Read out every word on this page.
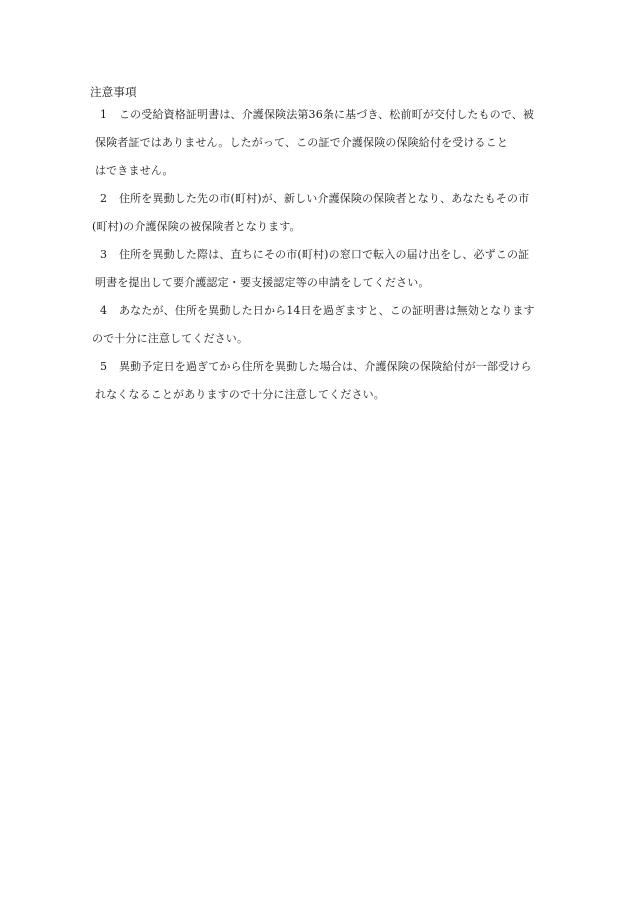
注意事項
1 この受給資格証明書は、介護保険法第36条に基づき、松前町が交付したもので、被
保険者証ではありません。したがって、この証で介護保険の保険給付を受けること
はできません。
2 住所を異動した先の市(町村)が、新しい介護保険の保険者となり、あなたもその市
(町村)の介護保険の被保険者となります。
3 住所を異動した際は、直ちにその市(町村)の窓口で転入の届け出をし、必ずこの証
明書を提出して要介護認定・要支援認定等の申請をしてください。
4 あなたが、住所を異動した日から14日を過ぎますと、この証明書は無効となります
ので十分に注意してください。
5 異動予定日を過ぎてから住所を異動した場合は、介護保険の保険給付が一部受けら
れなくなることがありますので十分に注意してください。
